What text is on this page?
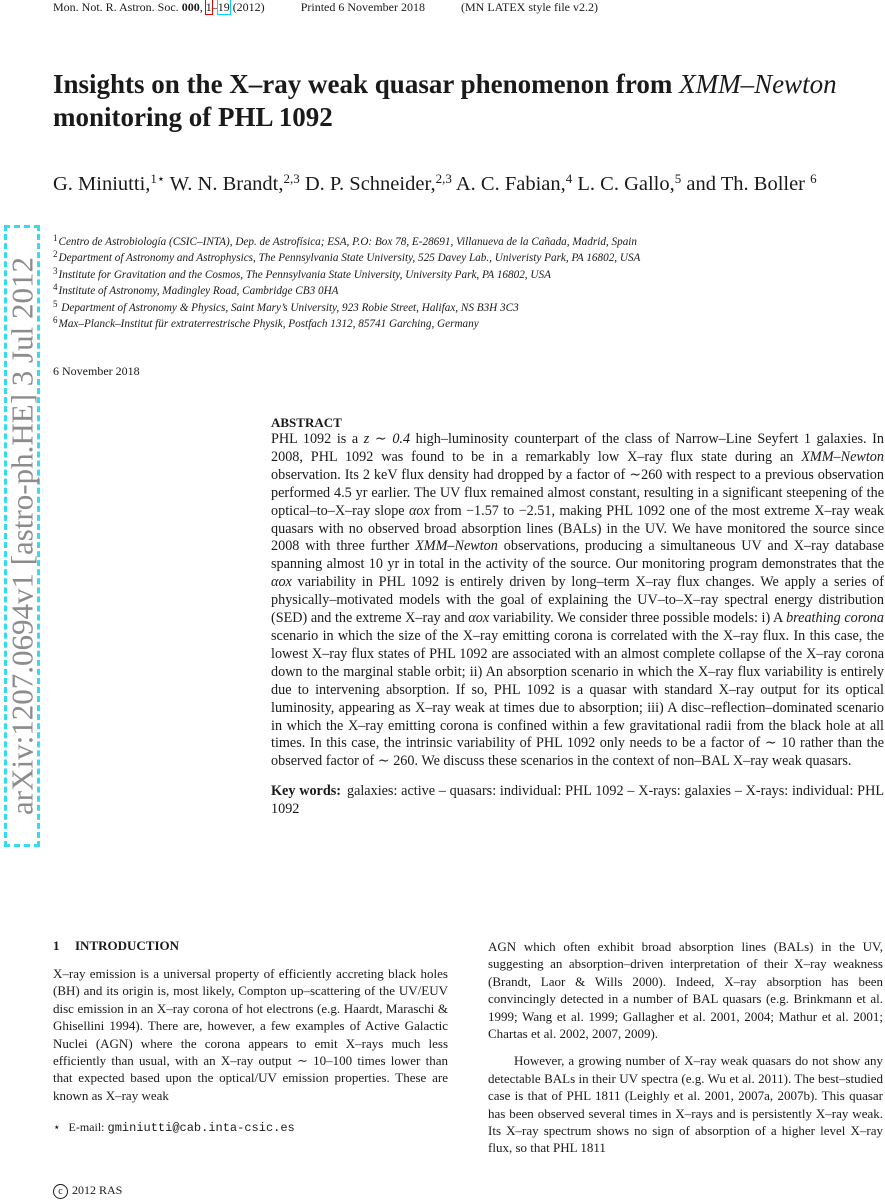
Mon. Not. R. Astron. Soc. 000, 1–19 (2012)	Printed 6 November 2018	(MN LATEX style file v2.2)
Insights on the X–ray weak quasar phenomenon from XMM–Newton
monitoring of PHL 1092
G. Miniutti,$^{1⋆}$ W. N. Brandt,$^{2,3}$ D. P. Schneider,$^{2,3}$ A. C. Fabian,$^4$ L. C. Gallo,$^5$ and Th. Boller $^6$
$^1$Centro de Astrobiología (CSIC–INTA), Dep. de Astrofísica; ESA, P.O: Box 78, E-28691, Villanueva de la Cañada, Madrid, Spain
$^2$Department of Astronomy and Astrophysics, The Pennsylvania State University, 525 Davey Lab., Univeristy Park, PA 16802, USA
$^3$Institute for Gravitation and the Cosmos, The Pennsylvania State University, University Park, PA 16802, USA
$^4$Institute of Astronomy, Madingley Road, Cambridge CB3 0HA
$^5$ Department of Astronomy & Physics, Saint Mary’s University, 923 Robie Street, Halifax, NS B3H 3C3
$^6$Max–Planck–Institut für extraterrestrische Physik, Postfach 1312, 85741 Garching, Germany
6 November 2018
arXiv:1207.0694v1 [astro-ph.HE] 3 Jul 2012	ABSTRACT

PHL 1092 is a z ∼ 0.4 high–luminosity counterpart of the class of Narrow–Line Seyfert 1 galaxies. In 2008, PHL 1092 was found to be in a remarkably low X–ray flux state during an XMM–Newton observation. Its 2 keV flux density had dropped by a factor of ∼260 with respect to a previous observation performed 4.5 yr earlier. The UV flux remained almost constant, resulting in a significant steepening of the optical–to–X–ray slope αox from −1.57 to −2.51, making PHL 1092 one of the most extreme X–ray weak quasars with no observed broad absorption lines (BALs) in the UV. We have monitored the source since 2008 with three further XMM–Newton observations, producing a simultaneous UV and X–ray database spanning almost 10 yr in total in the activity of the source. Our monitoring program demonstrates that the αox variability in PHL 1092 is entirely driven by long–term X–ray flux changes. We apply a series of physically–motivated models with the goal of explaining the UV–to–X–ray spectral energy distribution (SED) and the extreme X–ray and αox variability. We consider three possible models: i) A breathing corona scenario in which the size of the X–ray emitting corona is correlated with the X–ray flux. In this case, the lowest X–ray flux states of PHL 1092 are associated with an almost complete collapse of the X–ray corona down to the marginal stable orbit; ii) An absorption scenario in which the X–ray flux variability is entirely due to intervening absorption. If so, PHL 1092 is a quasar with standard X–ray output for its optical luminosity, appearing as X–ray weak at times due to absorption; iii) A disc–reflection–dominated scenario in which the X–ray emitting corona is confined within a few gravitational radii from the black hole at all times. In this case, the intrinsic variability of PHL 1092 only needs to be a factor of ∼ 10 rather than the observed factor of ∼ 260. We discuss these scenarios in the context of non–BAL X–ray weak quasars.

Key words: galaxies: active – quasars: individual: PHL 1092 – X-rays: galaxies – X-rays: individual: PHL 1092

1 INTRODUCTION

X–ray emission is a universal property of efficiently accreting black holes (BH) and its origin is, most likely, Compton up–scattering of the UV/EUV disc emission in an X–ray corona of hot electrons (e.g. Haardt, Maraschi & Ghisellini 1994). There are, however, a few examples of Active Galactic Nuclei (AGN) where the corona appears to emit X–rays much less efficiently than usual, with an X–ray output ∼ 10–100 times lower than that expected based upon the optical/UV emission properties. These are known as X–ray weak

AGN which often exhibit broad absorption lines (BALs) in the UV, suggesting an absorption–driven interpretation of their X–ray weakness (Brandt, Laor & Wills 2000). Indeed, X–ray absorption has been convincingly detected in a number of BAL quasars (e.g. Brinkmann et al. 1999; Wang et al. 1999; Gallagher et al. 2001, 2004; Mathur et al. 2001; Chartas et al. 2002, 2007, 2009).

However, a growing number of X–ray weak quasars do not show any detectable BALs in their UV spectra (e.g. Wu et al. 2011). The best–studied case is that of PHL 1811 (Leighly et al. 2001, 2007a, 2007b). This quasar has been observed several times in X–rays and is persistently X–ray weak. Its X–ray spectrum shows no sign of absorption of a higher level X–ray flux, so that PHL 1811

⋆ E-mail: gminiutti@cab.inta-csic.es
c 2012 RAS
